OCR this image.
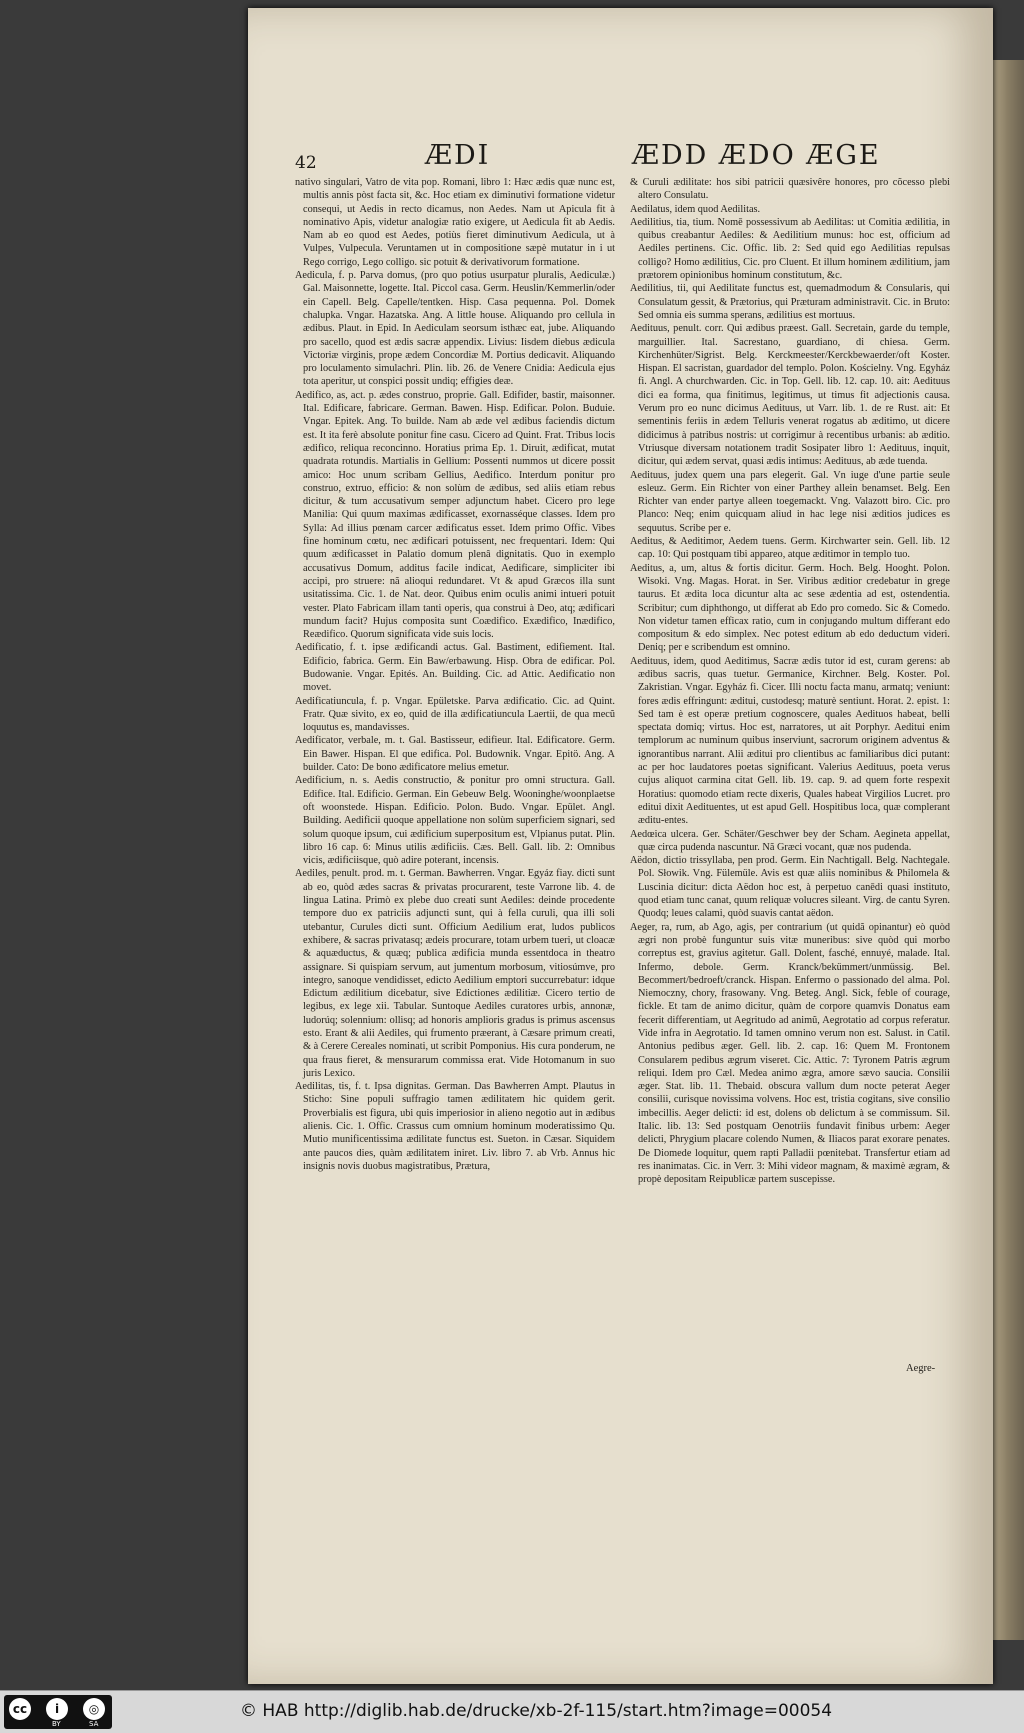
42	ÆDI	ÆDD ÆDO ÆGE

nativo singulari, Vatro de vita pop. Romani, libro 1: Hæc ædis quæ nunc est, multis annis pòst facta sit, &c. Hoc etiam ex diminutivi formatione videtur consequi, ut Aedis in recto dicamus, non Aedes. Nam ut Apicula fit à nominativo Apis, videtur analogiæ ratio exigere, ut Aedicula fit ab Aedis. Nam ab eo quod est Aedes, potiùs fieret diminutivum Aedicula, ut à Vulpes, Vulpecula. Veruntamen ut in compositione sæpè mutatur in i ut Rego corrigo, Lego colligo. sic potuit & derivativorum formatione.

Aedicula, f. p. Parva domus, (pro quo potius usurpatur pluralis, Aediculæ.) Gal. Maisonnette, logette. Ital. Piccol casa. Germ. Heuslin/Kemmerlin/oder ein Capell. Belg. Capelle/tentken. Hisp. Casa pequenna. Pol. Domek chalupka. Vngar. Hazatska. Ang. A little house. Aliquando pro cellula in ædibus. Plaut. in Epid. In Aediculam seorsum isthæc eat, jube. Aliquando pro sacello, quod est ædis sacræ appendix. Livius: Iisdem diebus ædicula Victoriæ virginis, prope ædem Concordiæ M. Portius dedicavit. Aliquando pro loculamento simulachri. Plin. lib. 26. de Venere Cnidia: Aedicula ejus tota aperitur, ut conspici possit undiq; effigies deæ.

Aedifico, as, act. p. ædes construo, proprie. Gall. Edifider, bastir, maisonner. Ital. Edificare, fabricare. German. Bawen. Hisp. Edificar. Polon. Buduie. Vngar. Epitek. Ang. To builde. Nam ab æde vel ædibus faciendis dictum est. It ita ferè absolute ponitur fine casu. Cicero ad Quint. Frat. Tribus locis ædifico, reliqua reconcinno. Horatius prima Ep. 1. Diruit, ædificat, mutat quadrata rotundis. Martialis in Gellium: Possenti nummos ut dicere possit amico: Hoc unum scribam Gellius, Aedifico. Interdum ponitur pro construo, extruo, efficio: & non solùm de ædibus, sed aliis etiam rebus dicitur, & tum accusativum semper adjunctum habet. Cicero pro lege Manilia: Qui quum maximas ædificasset, exornasséque classes. Idem pro Sylla: Ad illius pœnam carcer ædificatus esset. Idem primo Offic. Vibes fine hominum cœtu, nec ædificari potuissent, nec frequentari. Idem: Qui quum ædificasset in Palatio domum plenâ dignitatis. Quo in exemplo accusativus Domum, additus facile indicat, Aedificare, simpliciter ibi accipi, pro struere: nã alioqui redundaret. Vt & apud Græcos illa sunt usitatissima. Cic. 1. de Nat. deor. Quibus enim oculis animi intueri potuit vester. Plato Fabricam illam tanti operis, qua construi à Deo, atq; ædificari mundum facit? Hujus composita sunt Coædifico. Exædifico, Inædifico, Reædifico. Quorum significata vide suis locis.

Aedificatio, f. t. ipse ædificandi actus. Gal. Bastiment, edifiement. Ital. Edificio, fabrica. Germ. Ein Baw/erbawung. Hisp. Obra de edificar. Pol. Budowanie. Vngar. Epités. An. Building. Cic. ad Attic. Aedificatio non movet.

Aedificatiuncula, f. p. Vngar. Epületske. Parva ædificatio. Cic. ad Quint. Fratr. Quæ sivito, ex eo, quid de illa ædificatiuncula Laertii, de qua mecũ loquutus es, mandavisses.

Aedificator, verbale, m. t. Gal. Bastisseur, edifieur. Ital. Edificatore. Germ. Ein Bawer. Hispan. El que edifica. Pol. Budownik. Vngar. Epitö. Ang. A builder. Cato: De bono ædificatore melius emetur.

Aedificium, n. s. Aedis constructio, & ponitur pro omni structura. Gall. Edifice. Ital. Edificio. German. Ein Gebeuw Belg. Wooninghe/woonplaetse oft woonstede. Hispan. Edificio. Polon. Budo. Vngar. Epület. Angl. Building. Aedificii quoque appellatione non solùm superficiem signari, sed solum quoque ipsum, cui ædificium superpositum est, Vlpianus putat. Plin. libro 16 cap. 6: Minus utilis ædificiis. Cæs. Bell. Gall. lib. 2: Omnibus vicis, ædificiisque, quò adire poterant, incensis.

Aediles, penult. prod. m. t. German. Bawherren. Vngar. Egyáz fiay. dicti sunt ab eo, quòd ædes sacras & privatas procurarent, teste Varrone lib. 4. de lingua Latina. Primò ex plebe duo creati sunt Aediles: deinde procedente tempore duo ex patriciis adjuncti sunt, qui à fella curuli, qua illi soli utebantur, Curules dicti sunt. Officium Aedilium erat, ludos publicos exhibere, & sacras privatasq; ædeis procurare, totam urbem tueri, ut cloacæ & aquæductus, & quæq; publica ædificia munda essentdoca in theatro assignare. Si quispiam servum, aut jumentum morbosum, vitiosúmve, pro integro, sanoque vendidisset, edicto Aedilium emptori succurrebatur: idque Edictum ædilitium dicebatur, sive Edictiones ædilitiæ. Cicero tertio de legibus, ex lege xii. Tabular. Suntoque Aediles curatores urbis, annonæ, ludorúq; solennium: ollisq; ad honoris amplioris gradus is primus ascensus esto. Erant & alii Aediles, qui frumento præerant, à Cæsare primum creati, & à Cerere Cereales nominati, ut scribit Pomponius. His cura ponderum, ne qua fraus fieret, & mensurarum commissa erat. Vide Hotomanum in suo juris Lexico.

Aedilitas, tis, f. t. Ipsa dignitas. German. Das Bawherren Ampt. Plautus in Sticho: Sine populi suffragio tamen ædilitatem hic quidem gerit. Proverbialis est figura, ubi quis imperiosior in alieno negotio aut in ædibus alienis. Cic. 1. Offic. Crassus cum omnium hominum moderatissimo Qu. Mutio munificentissima ædilitate functus est. Sueton. in Cæsar. Siquidem ante paucos dies, quàm ædilitatem iniret. Liv. libro 7. ab Vrb. Annus hic insignis novis duobus magistratibus, Prætura,

& Curuli ædilitate: hos sibi patricii quæsivêre honores, pro cõcesso plebi altero Consulatu.

Aedilatus, idem quod Aedilitas.

Aedilitius, tia, tium. Nomē possessivum ab Aedilitas: ut Comitia ædilitia, in quibus creabantur Aediles: & Aedilitium munus: hoc est, officium ad Aediles pertinens. Cic. Offic. lib. 2: Sed quid ego Aedilitias repulsas colligo? Homo ædilitius, Cic. pro Cluent. Et illum hominem ædilitium, jam prætorem opinionibus hominum constitutum, &c.

Aedilitius, tii, qui Aedilitate functus est, quemadmodum & Consularis, qui Consulatum gessit, & Prætorius, qui Præturam administravit. Cic. in Bruto: Sed omnia eis summa sperans, ædilitius est mortuus.

Aedituus, penult. corr. Qui ædibus præest. Gall. Secretain, garde du temple, marguillier. Ital. Sacrestano, guardiano, di chiesa. Germ. Kirchenhüter/Sigrist. Belg. Kerckmeester/Kerckbewaerder/oft Koster. Hispan. El sacristan, guardador del templo. Polon. Kościelny. Vng. Egyház fi. Angl. A churchwarden. Cic. in Top. Gell. lib. 12. cap. 10. ait: Aedituus dici ea forma, qua finitimus, legitimus, ut timus fit adjectionis causa. Verum pro eo nunc dicimus Aedituus, ut Varr. lib. 1. de re Rust. ait: Et sementinis feriis in ædem Telluris venerat rogatus ab æditimo, ut dicere didicimus à patribus nostris: ut corrigimur à recentibus urbanis: ab æditio. Vtriusque diversam notationem tradit Sosipater libro 1: Aedituus, inquit, dicitur, qui ædem servat, quasi ædis intimus: Aedituus, ab æde tuenda.

Aedituus, judex quem una pars elegerit. Gal. Vn iuge d'une partie seule esleuz. Germ. Ein Richter von einer Parthey allein benamset. Belg. Een Richter van ender partye alleen toegemackt. Vng. Valazott biro. Cic. pro Planco: Neq; enim quicquam aliud in hac lege nisi æditios judices es sequutus. Scribe per e.

Aeditus, & Aeditimor, Aedem tuens. Germ. Kirchwarter sein. Gell. lib. 12 cap. 10: Qui postquam tibi appareo, atque æditimor in templo tuo.

Aeditus, a, um, altus & fortis dicitur. Germ. Hoch. Belg. Hooght. Polon. Wisoki. Vng. Magas. Horat. in Ser. Viribus æditior credebatur in grege taurus. Et ædita loca dicuntur alta ac sese ædentia ad est, ostendentia. Scribitur; cum diphthongo, ut differat ab Edo pro comedo. Sic & Comedo. Non videtur tamen efficax ratio, cum in conjugando multum differant edo compositum & edo simplex. Nec potest editum ab edo deductum videri. Deniq; per e scribendum est omnino.

Aedituus, idem, quod Aeditimus, Sacræ ædis tutor id est, curam gerens: ab ædibus sacris, quas tuetur. Germanice, Kirchner. Belg. Koster. Pol. Zakristian. Vngar. Egyház fi. Cicer. Illi noctu facta manu, armatq; veniunt: fores ædis effringunt: æditui, custodesq; maturè sentiunt. Horat. 2. epist. 1: Sed tam è est operæ pretium cognoscere, quales Aedituos habeat, belli spectata domiq; virtus. Hoc est, narratores, ut ait Porphyr. Aeditui enim templorum ac numinum quibus inserviunt, sacrorum originem adventus & ignorantibus narrant. Alii æditui pro clientibus ac familiaribus dici putant: ac per hoc laudatores poetas significant. Valerius Aedituus, poeta verus cujus aliquot carmina citat Gell. lib. 19. cap. 9. ad quem forte respexit Horatius: quomodo etiam recte dixeris, Quales habeat Virgilios Lucret. pro editui dixit Aedituentes, ut est apud Gell. Hospitibus loca, quæ complerant æditu-entes.

Aedœica ulcera. Ger. Schäter/Geschwer bey der Scham. Aegineta appellat, quæ circa pudenda nascuntur. Nã Græci vocant, quæ nos pudenda.

Aëdon, dictio trissyllaba, pen prod. Germ. Ein Nachtigall. Belg. Nachtegale. Pol. Słowik. Vng. Fülemüle. Avis est quæ aliis nominibus & Philomela & Luscinia dicitur: dicta Aëdon hoc est, à perpetuo canēdi quasi instituto, quod etiam tunc canat, quum reliquæ volucres sileant. Virg. de cantu Syren. Quodq; leues calami, quòd suavis cantat aëdon.

Aeger, ra, rum, ab Ago, agis, per contrarium (ut quidã opinantur) eò quòd ægri non probè funguntur suis vitæ muneribus: sive quòd qui morbo correptus est, gravius agitetur. Gall. Dolent, fasché, ennuyé, malade. Ital. Infermo, debole. Germ. Kranck/bekümmert/unmüssig. Bel. Becommert/bedroeft/cranck. Hispan. Enfermo o passionado del alma. Pol. Niemoczny, chory, frasowany. Vng. Beteg. Angl. Sick, feble of courage, fickle. Et tam de animo dicitur, quàm de corpore quamvis Donatus eam fecerit differentiam, ut Aegritudo ad animũ, Aegrotatio ad corpus referatur. Vide infra in Aegrotatio. Id tamen omnino verum non est. Salust. in Catil. Antonius pedibus æger. Gell. lib. 2. cap. 16: Quem M. Frontonem Consularem pedibus ægrum viseret. Cic. Attic. 7: Tyronem Patris ægrum reliqui. Idem pro Cæl. Medea animo ægra, amore sævo saucia. Consilii æger. Stat. lib. 11. Thebaid. obscura vallum dum nocte peterat Aeger consilii, curisque novissima volvens. Hoc est, tristia cogitans, sive consilio imbecillis. Aeger delicti: id est, dolens ob delictum à se commissum. Sil. Italic. lib. 13: Sed postquam Oenotriis fundavit finibus urbem: Aeger delicti, Phrygium placare colendo Numen, & Iliacos parat exorare penates. De Diomede loquitur, quem rapti Palladii pœnitebat. Transfertur etiam ad res inanimatas. Cic. in Verr. 3: Mihi videor magnam, & maximè ægram, & propè depositam Reipublicæ partem suscepisse.

Aegre-
cc	i	◎
BY	SA
© HAB http://diglib.hab.de/drucke/xb-2f-115/start.htm?image=00054
